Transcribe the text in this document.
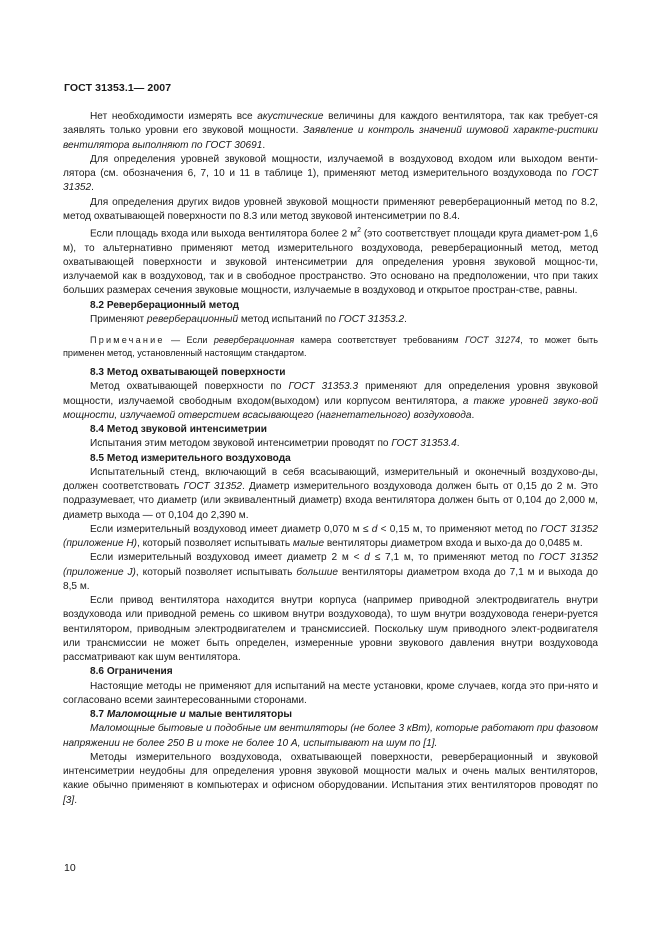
ГОСТ 31353.1— 2007

Нет необходимости измерять все акустические величины для каждого вентилятора, так как требует-ся заявлять только уровни его звуковой мощности. Заявление и контроль значений шумовой характе-ристики вентилятора выполняют по ГОСТ 30691.

Для определения уровней звуковой мощности, излучаемой в воздуховод входом или выходом венти-лятора (см. обозначения 6, 7, 10 и 11 в таблице 1), применяют метод измерительного воздуховода по ГОСТ 31352.

Для определения других видов уровней звуковой мощности применяют реверберационный метод по 8.2, метод охватывающей поверхности по 8.3 или метод звуковой интенсиметрии по 8.4.

Если площадь входа или выхода вентилятора более 2 $м^2$ (это соответствует площади круга диамет-ром 1,6 м), то альтернативно применяют метод измерительного воздуховода, реверберационный метод, метод охватывающей поверхности и звуковой интенсиметрии для определения уровня звуковой мощнос-ти, излучаемой как в воздуховод, так и в свободное пространство. Это основано на предположении, что при таких больших размерах сечения звуковые мощности, излучаемые в воздуховод и открытое простран-стве, равны.

8.2 Реверберационный метод

Применяют реверберационный метод испытаний по ГОСТ 31353.2.

Примечание — Если реверберационная камера соответствует требованиям ГОСТ 31274, то может быть применен метод, установленный настоящим стандартом.

8.3 Метод охватывающей поверхности

Метод охватывающей поверхности по ГОСТ 31353.3 применяют для определения уровня звуковой мощности, излучаемой свободным входом(выходом) или корпусом вентилятора, а также уровней звуко-вой мощности, излучаемой отверстием всасывающего (нагнетательного) воздуховода.

8.4 Метод звуковой интенсиметрии

Испытания этим методом звуковой интенсиметрии проводят по ГОСТ 31353.4.

8.5 Метод измерительного воздуховода

Испытательный стенд, включающий в себя всасывающий, измерительный и оконечный воздухово-ды, должен соответствовать ГОСТ 31352. Диаметр измерительного воздуховода должен быть от 0,15 до 2 м. Это подразумевает, что диаметр (или эквивалентный диаметр) входа вентилятора должен быть от 0,104 до 2,000 м, диаметр выхода — от 0,104 до 2,390 м.

Если измерительный воздуховод имеет диаметр 0,070 м ≤ d < 0,15 м, то применяют метод по ГОСТ 31352 (приложение H), который позволяет испытывать малые вентиляторы диаметром входа и выхо-да до 0,0485 м.

Если измерительный воздуховод имеет диаметр 2 м < d ≤ 7,1 м, то применяют метод по ГОСТ 31352 (приложение J), который позволяет испытывать большие вентиляторы диаметром входа до 7,1 м и выхода до 8,5 м.

Если привод вентилятора находится внутри корпуса (например приводной электродвигатель внутри воздуховода или приводной ремень со шкивом внутри воздуховода), то шум внутри воздуховода генери-руется вентилятором, приводным электродвигателем и трансмиссией. Поскольку шум приводного элект-родвигателя или трансмиссии не может быть определен, измеренные уровни звукового давления внутри воздуховода рассматривают как шум вентилятора.

8.6 Ограничения

Настоящие методы не применяют для испытаний на месте установки, кроме случаев, когда это при-нято и согласовано всеми заинтересованными сторонами.

8.7 Маломощные и малые вентиляторы

Маломощные бытовые и подобные им вентиляторы (не более 3 кВт), которые работают при фазовом напряжении не более 250 В и токе не более 10 А, испытывают на шум по [1].

Методы измерительного воздуховода, охватывающей поверхности, реверберационный и звуковой интенсиметрии неудобны для определения уровня звуковой мощности малых и очень малых вентиляторов, какие обычно применяют в компьютерах и офисном оборудовании. Испытания этих вентиляторов проводят по [3].

10
